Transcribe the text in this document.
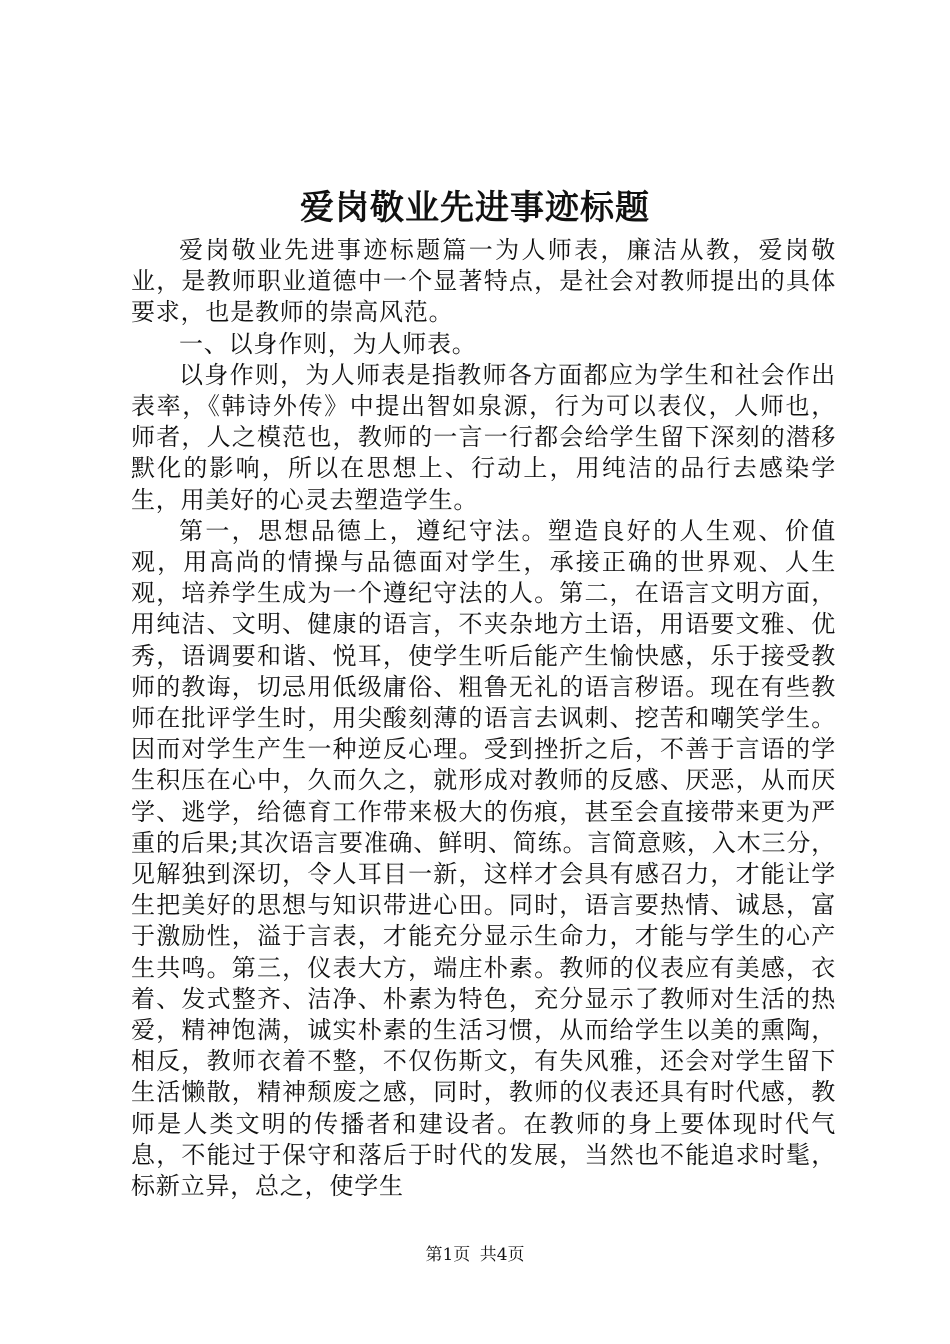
爱岗敬业先进事迹标题

爱岗敬业先进事迹标题篇一为人师表，廉洁从教，爱岗敬业，是教师职业道德中一个显著特点，是社会对教师提出的具体要求，也是教师的崇高风范。

一、以身作则，为人师表。

以身作则，为人师表是指教师各方面都应为学生和社会作出表率，《韩诗外传》中提出智如泉源，行为可以表仪，人师也，师者，人之模范也，教师的一言一行都会给学生留下深刻的潜移默化的影响，所以在思想上、行动上，用纯洁的品行去感染学生，用美好的心灵去塑造学生。

第一，思想品德上，遵纪守法。塑造良好的人生观、价值观，用高尚的情操与品德面对学生，承接正确的世界观、人生观，培养学生成为一个遵纪守法的人。第二，在语言文明方面，用纯洁、文明、健康的语言，不夹杂地方土语，用语要文雅、优秀，语调要和谐、悦耳，使学生听后能产生愉快感，乐于接受教师的教诲，切忌用低级庸俗、粗鲁无礼的语言秽语。现在有些教师在批评学生时，用尖酸刻薄的语言去讽刺、挖苦和嘲笑学生。因而对学生产生一种逆反心理。受到挫折之后，不善于言语的学生积压在心中，久而久之，就形成对教师的反感、厌恶，从而厌学、逃学，给德育工作带来极大的伤痕，甚至会直接带来更为严重的后果;其次语言要准确、鲜明、简练。言简意赅，入木三分，见解独到深切，令人耳目一新，这样才会具有感召力，才能让学生把美好的思想与知识带进心田。同时，语言要热情、诚恳，富于激励性，溢于言表，才能充分显示生命力，才能与学生的心产生共鸣。第三，仪表大方，端庄朴素。教师的仪表应有美感，衣着、发式整齐、洁净、朴素为特色，充分显示了教师对生活的热爱，精神饱满，诚实朴素的生活习惯，从而给学生以美的熏陶，相反，教师衣着不整，不仅伤斯文，有失风雅，还会对学生留下生活懒散，精神颓废之感，同时，教师的仪表还具有时代感，教师是人类文明的传播者和建设者。在教师的身上要体现时代气息，不能过于保守和落后于时代的发展，当然也不能追求时髦，标新立异，总之，使学生

第1页 共4页
